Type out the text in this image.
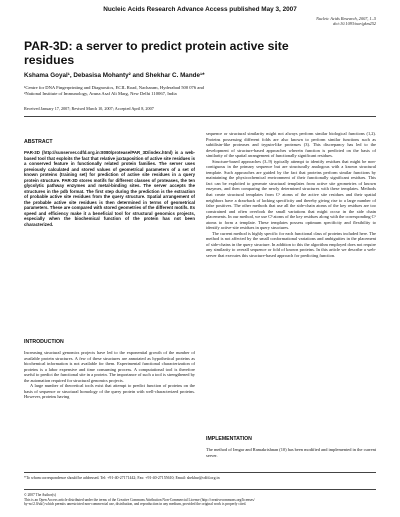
Nucleic Acids Research Advance Access published May 3, 2007
Nucleic Acids Research, 2007, 1–5
doi:10.1093/nar/gkm252
PAR-3D: a server to predict protein active site residues
Kshama Goyal¹, Debasisa Mohanty² and Shekhar C. Mande¹*
¹Centre for DNA Fingerprinting and Diagnostics, ECIL Road, Nacharam, Hyderabad 500 076 and
²National Institute of Immunology, Aruna Asaf Ali Marg, New Delhi 110067, India
Received January 17, 2007; Revised March 10, 2007; Accepted April 8, 2007
ABSTRACT
PAR-3D (http://sunserver.cdfd.org.in:8080/protease/PAR_3D/index.html) is a web-based tool that exploits the fact that relative juxtaposition of active site residues is a conserved feature in functionally related protein families. The server uses previously calculated and stored values of geometrical parameters of a set of known proteins (training set) for prediction of active site residues in a query protein structure. PAR-3D stores motifs for different classes of proteases, the ten glycolytic pathway enzymes and metal-binding sites. The server accepts the structures in the pdb format. The first step during the prediction is the extraction of probable active site residues from the query structure. Spatial arrangement of the probable active site residues is then determined in terms of geometrical parameters. These are compared with stored geometries of the different motifs. Its speed and efficiency make it a beneficial tool for structural genomics projects, especially when the biochemical function of the protein has not been characterized.
INTRODUCTION

Increasing structural genomics projects have led to the exponential growth of the number of available protein structures. A few of these structures are annotated as hypothetical proteins as biochemical information is not available for them. Experimental functional characterization of proteins is a labor expensive and time consuming process. A computational tool is therefore useful to predict the functional site in a protein. The importance of such a tool is strengthened by the automation required for structural genomics projects.

A large number of theoretical tools exist that attempt to predict function of proteins on the basis of sequence or structural homology of the query protein with well-characterized proteins. However, proteins having

sequence or structural similarity might not always perform similar biological functions (1,2). Proteins possessing different folds are also known to perform similar functions such as subtilisin-like proteases and trypsin-like proteases (3). This discrepancy has led to the development of structure-based approaches wherein function is predicted on the basis of similarity of the spatial arrangement of functionally significant residues.

Structure-based approaches (3–9) typically attempt to identify residues that might be non-contiguous in the primary sequence but are structurally analogous with a known structural template. Such approaches are guided by the fact that proteins perform similar functions by maintaining the physicochemical environment of their functionally significant residues. This fact can be exploited to generate structural templates from active site geometries of known enzymes, and then comparing the newly determined structures with these templates. Methods that create structural templates from Cᵅ atoms of the active site residues and their spatial neighbors have a drawback of lacking specificity and thereby giving rise to a large number of false positives. The other methods that use all the side-chain atoms of the key residues are too constrained and often overlook the small variations that might occur in the side chain placements. In our method, we use Cᵝ atoms of the key residues along with the corresponding Cᵅ atoms to form a template. These templates possess optimum specificity and flexibility to identify active-site residues in query structures.

The current method is highly specific for each functional class of proteins included here. The method is not affected by the small conformational variations and ambiguities in the placement of side-chains in the query structure. In addition to this the algorithm employed does not require any similarity to overall sequence or fold of known proteins. In this article we describe a web-server that executes this structure-based approach for predicting function.

IMPLEMENTATION
The method of Iengar and Ramakrishnan (10) has been modified and implemented in the current server.
*To whom correspondence should be addressed. Tel: +91-40-27171442; Fax: +91-40-27155610; Email: shekhar@cdfd.org.in
© 2007 The Author(s)
This is an Open Access article distributed under the terms of the Creative Commons Attribution Non-Commercial License (http://creativecommons.org/licenses/
by-nc/2.0/uk/) which permits unrestricted non-commercial use, distribution, and reproduction in any medium, provided the original work is properly cited.
